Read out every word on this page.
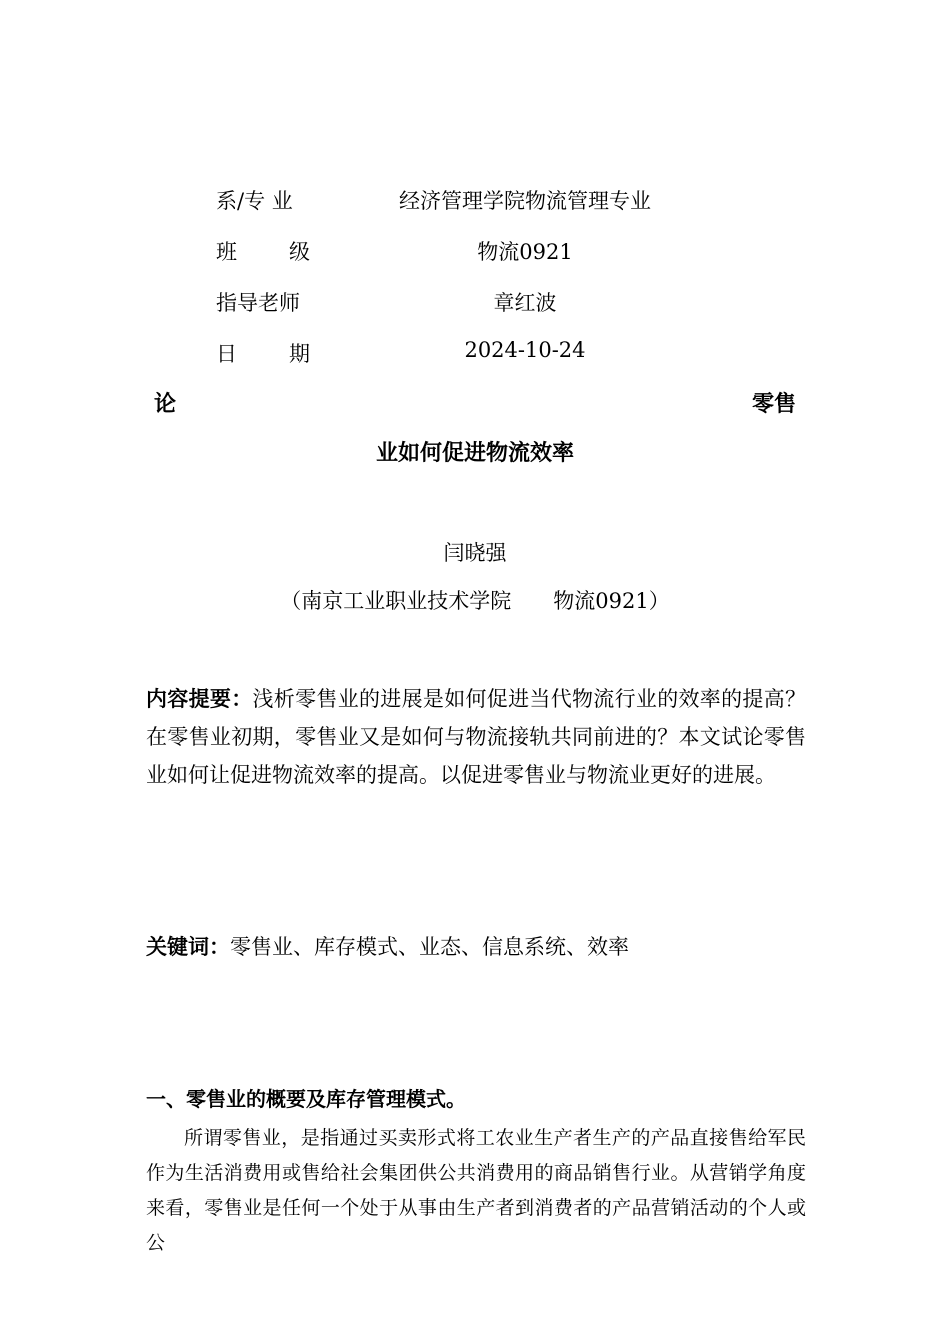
系/专 业	经济管理学院物流管理专业
班 级	物流0921
指导老师	章红波
日 期	2024-10-24
论	零售
业如何促进物流效率
闫晓强
（南京工业职业技术学院　　物流0921）
内容提要：浅析零售业的进展是如何促进当代物流行业的效率的提高？在零售业初期，零售业又是如何与物流接轨共同前进的？本文试论零售业如何让促进物流效率的提高。以促进零售业与物流业更好的进展。
关键词：零售业、库存模式、业态、信息系统、效率
一、零售业的概要及库存管理模式。
所谓零售业，是指通过买卖形式将工农业生产者生产的产品直接售给军民作为生活消费用或售给社会集团供公共消费用的商品销售行业。从营销学角度来看，零售业是任何一个处于从事由生产者到消费者的产品营销活动的个人或公
